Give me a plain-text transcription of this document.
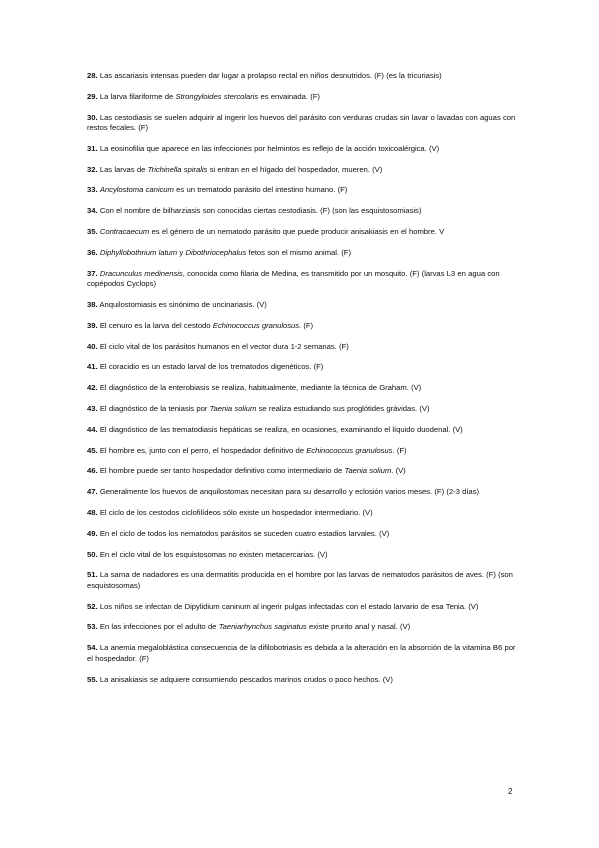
28. Las ascariasis intensas pueden dar lugar a prolapso rectal en niños desnutridos. (F) (es la tricuriasis)
29. La larva filariforme de Strongyloides stercolaris es envainada. (F)
30. Las cestodiasis se suelen adquirir al ingerir los huevos del parásito con verduras crudas sin lavar o lavadas con aguas con restos fecales. (F)
31. La eosinofilia que aparece en las infecciones por helmintos es reflejo de la acción toxicoalérgica. (V)
32. Las larvas de Trichinella spiralis si entran en el hígado del hospedador, mueren. (V)
33. Ancylostoma canicum es un trematodo parásito del intestino humano. (F)
34. Con el nombre de bilharziasis son conocidas ciertas cestodiasis. (F) (son las esquistosomiasis)
35. Contracaecum es el género de un nematodo parásito que puede producir anisakiasis en el hombre. V
36. Diphyllobothrium latum y Dibothriocephalus fetos son el mismo animal. (F)
37. Dracunculus medinensis, conocida como filaria de Medina, es transmitido por un mosquito. (F) (larvas L3 en agua con copépodos Cyclops)
38. Anquilostomiasis es sinónimo de uncinariasis. (V)
39. El cenuro es la larva del cestodo Echinococcus granulosus. (F)
40. El ciclo vital de los parásitos humanos en el vector dura 1-2 semanas. (F)
41. El coracidio es un estado larval de los trematodos digenéticos. (F)
42. El diagnóstico de la enterobiasis se realiza, habitualmente, mediante la técnica de Graham. (V)
43. El diagnóstico de la teniasis por Taenia solium se realiza estudiando sus proglótides grávidas. (V)
44. El diagnóstico de las trematodiasis hepáticas se realiza, en ocasiones, examinando el líquido duodenal. (V)
45. El hombre es, junto con el perro, el hospedador definitivo de Echinococcus granulosus. (F)
46. El hombre puede ser tanto hospedador definitivo como intermediario de Taenia solium. (V)
47. Generalmente los huevos de anquilostomas necesitan para su desarrollo y eclosión varios meses. (F) (2-3 días)
48. El ciclo de los cestodos ciclofilídeos sólo existe un hospedador intermediario. (V)
49. En el ciclo de todos los nematodos parásitos se suceden cuatro estadios larvales. (V)
50. En el ciclo vital de los esquistosomas no existen metacercarias. (V)
51. La sarna de nadadores es una dermatitis producida en el hombre por las larvas de nematodos parásitos de aves. (F) (son esquistosomas)
52. Los niños se infectan de Dipylidium caninum al ingerir pulgas infectadas con el estado larvario de esa Tenia. (V)
53. En las infecciones por el adulto de Taeniarhynchus saginatus existe prurito anal y nasal. (V)
54. La anemia megaloblástica consecuencia de la difilobotriasis es debida a la alteración en la absorción de la vitamina B6 por el hospedador. (F)
55. La anisakiasis se adquiere consumiendo pescados marinos crudos o poco hechos. (V)
2
